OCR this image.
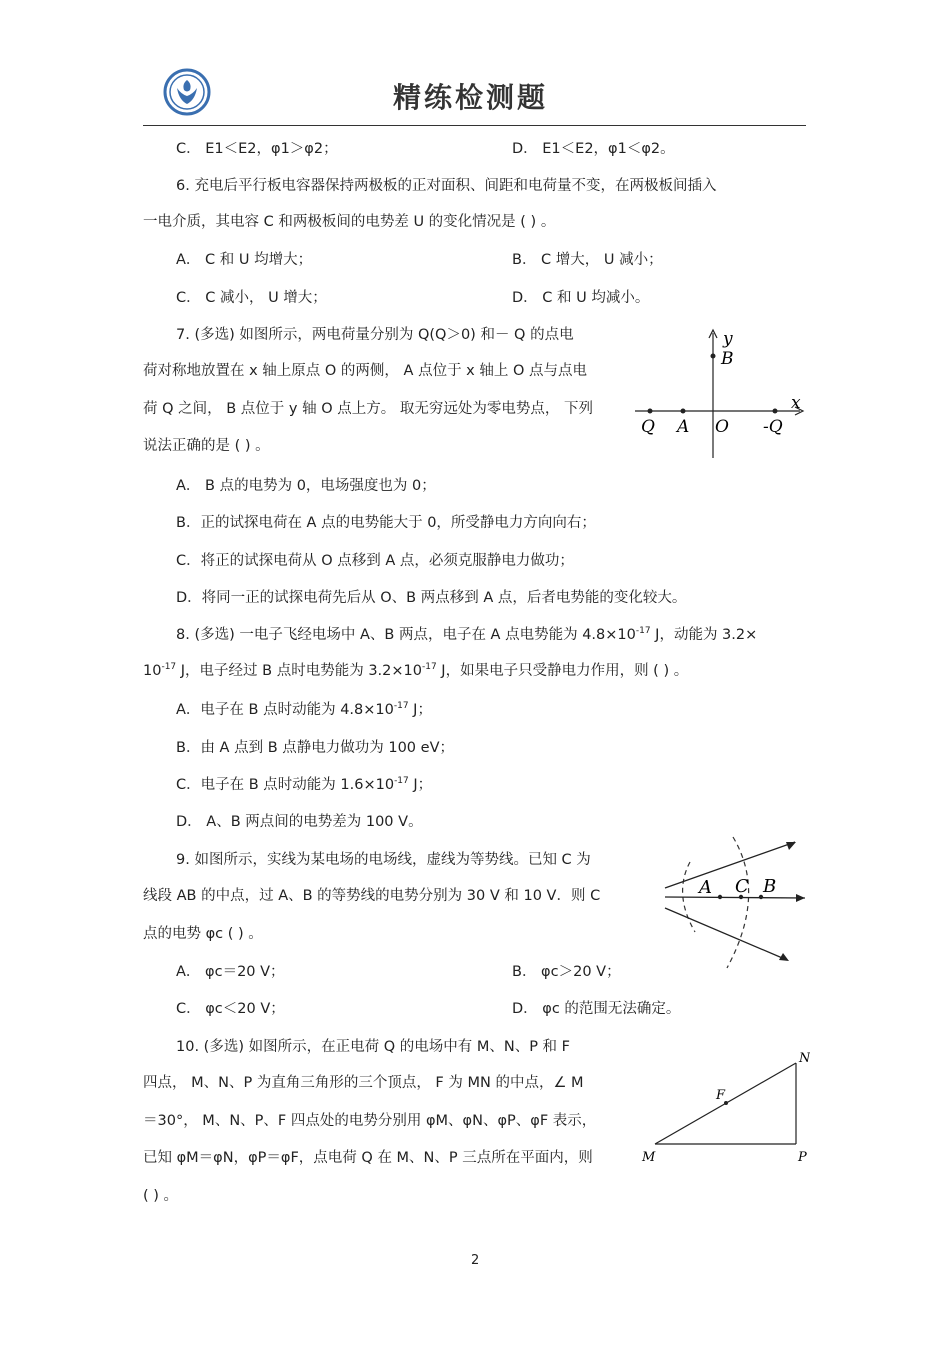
精练检测题
C． E1＜E2，φ1＞φ2；	D． E1＜E2，φ1＜φ2。
6. 充电后平行板电容器保持两极板的正对面积、间距和电荷量不变，在两极板间插入
一电介质，其电容 C 和两极板间的电势差 U 的变化情况是 ( ) 。
A． C 和 U 均增大；	B． C 增大， U 减小；
C． C 减小， U 增大；	D． C 和 U 均减小。
7. (多选) 如图所示，两电荷量分别为 Q(Q＞0) 和－ Q 的点电
荷对称地放置在 x 轴上原点 O 的两侧， A 点位于 x 轴上 O 点与点电
荷 Q 之间， B 点位于 y 轴 O 点上方。 取无穷远处为零电势点， 下列
说法正确的是 ( ) 。
y
x
B
Q A O -Q
A． B 点的电势为 0，电场强度也为 0；
B．正的试探电荷在 A 点的电势能大于 0，所受静电力方向向右；
C．将正的试探电荷从 O 点移到 A 点，必须克服静电力做功；
D．将同一正的试探电荷先后从 O、B 两点移到 A 点，后者电势能的变化较大。
8. (多选) 一电子飞经电场中 A、B 两点，电子在 A 点电势能为 $4.8\times 10^{-17}$ J，动能为 3.2×
$10^{-17}$ J，电子经过 B 点时电势能为 $3.2\times 10^{-17}$ J，如果电子只受静电力作用，则 ( ) 。
A．电子在 B 点时动能为 $4.8\times 10^{-17}$ J；
B．由 A 点到 B 点静电力做功为 100 eV；
C．电子在 B 点时动能为 $1.6\times 10^{-17}$ J；
D． A、B 两点间的电势差为 100 V。
9. 如图所示，实线为某电场的电场线，虚线为等势线。已知 C 为
线段 AB 的中点，过 A、B 的等势线的电势分别为 30 V 和 10 V．则 C
点的电势 φc ( ) 。
A C B
A． φc＝20 V；	B． φc＞20 V；
C． φc＜20 V；	D． φc 的范围无法确定。
10. (多选) 如图所示，在正电荷 Q 的电场中有 M、N、P 和 F
四点， M、N、P 为直角三角形的三个顶点， F 为 MN 的中点，∠ M
＝30°， M、N、P、F 四点处的电势分别用 φM、φN、φP、φF 表示，
已知 φM＝φN，φP＝φF，点电荷 Q 在 M、N、P 三点所在平面内，则
( ) 。
N
F
M	P
2
